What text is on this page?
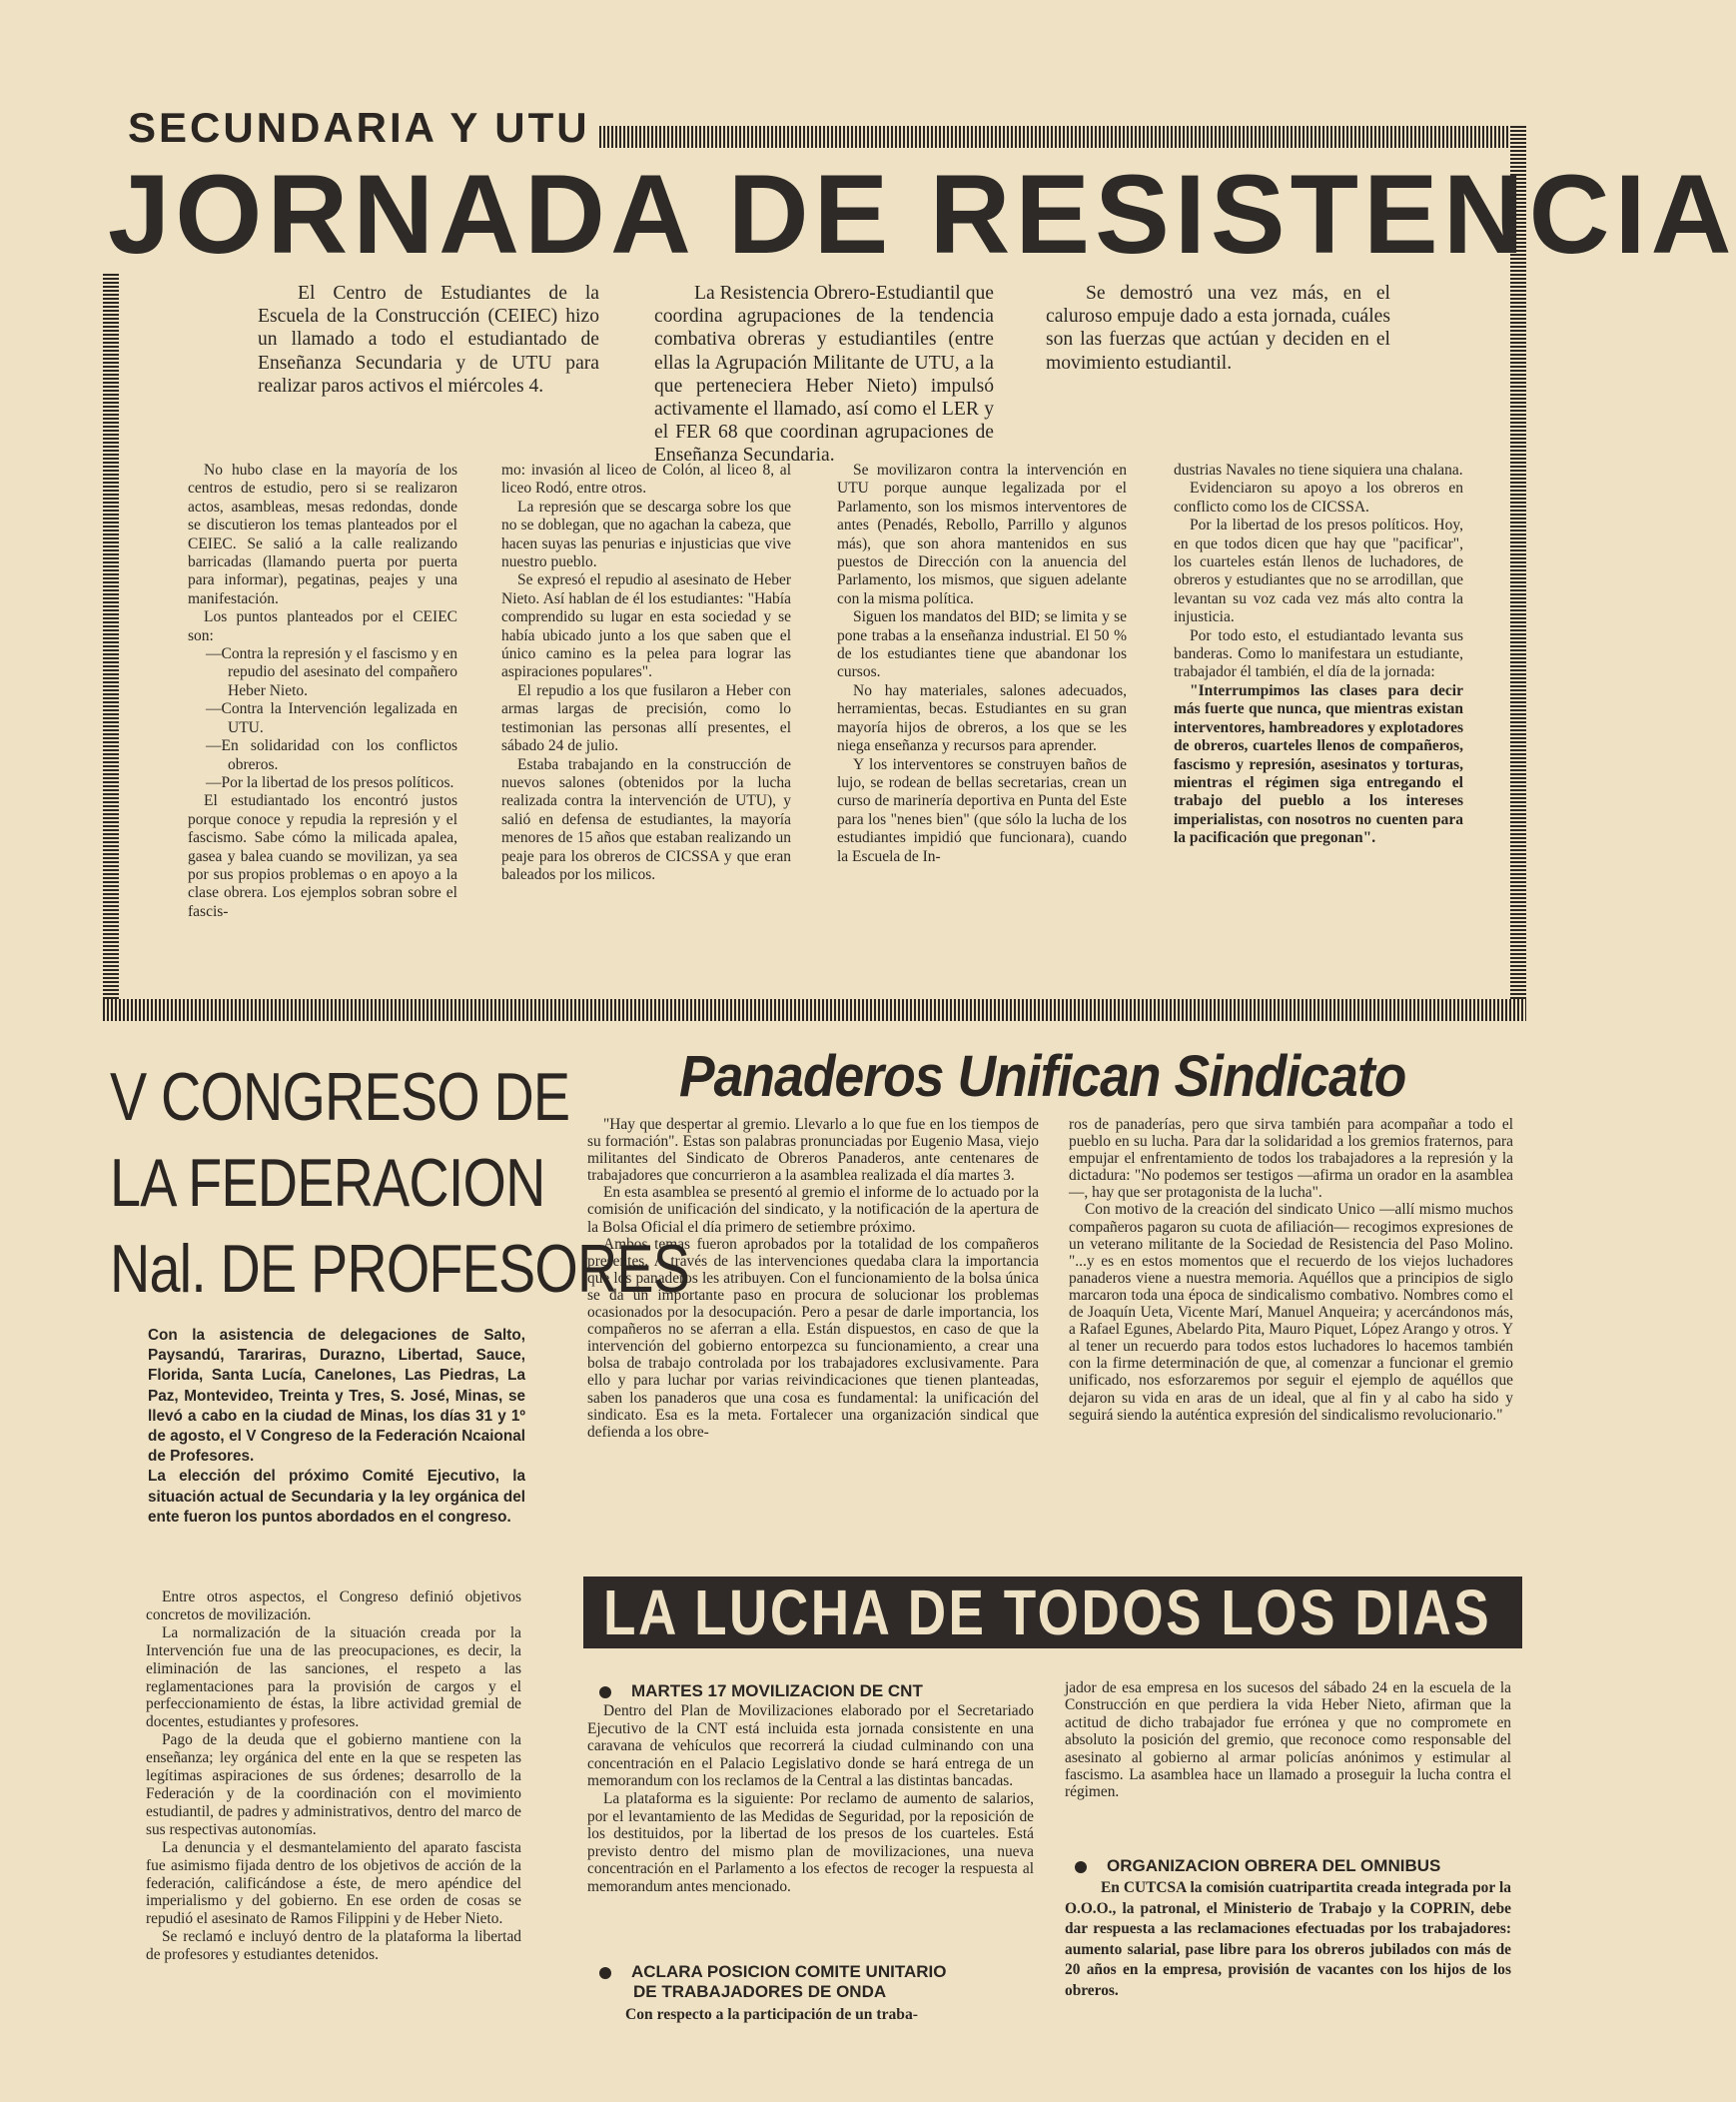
SECUNDARIA Y UTU
JORNADA DE RESISTENCIA

El Centro de Estudiantes de la Escuela de la Construcción (CEIEC) hizo un llamado a todo el estudiantado de Enseñanza Secundaria y de UTU para realizar paros activos el miércoles 4.

La Resistencia Obrero-Estudiantil que coordina agrupaciones de la tendencia combativa obreras y estudiantiles (entre ellas la Agrupación Militante de UTU, a la que perteneciera Heber Nieto) impulsó activamente el llamado, así como el LER y el FER 68 que coordinan agrupaciones de Enseñanza Secundaria.

Se demostró una vez más, en el caluroso empuje dado a esta jornada, cuáles son las fuerzas que actúan y deciden en el movimiento estudiantil.

No hubo clase en la mayoría de los centros de estudio, pero si se realizaron actos, asambleas, mesas redondas, donde se discutieron los temas planteados por el CEIEC. Se salió a la calle realizando barricadas (llamando puerta por puerta para informar), pegatinas, peajes y una manifestación.

Los puntos planteados por el CEIEC son:

—Contra la represión y el fascismo y en repudio del asesinato del compañero Heber Nieto.

—Contra la Intervención legalizada en UTU.

—En solidaridad con los conflictos obreros.

—Por la libertad de los presos políticos.

El estudiantado los encontró justos porque conoce y repudia la represión y el fascismo. Sabe cómo la milicada apalea, gasea y balea cuando se movilizan, ya sea por sus propios problemas o en apoyo a la clase obrera. Los ejemplos sobran sobre el fascis-

mo: invasión al liceo de Colón, al liceo 8, al liceo Rodó, entre otros.

La represión que se descarga sobre los que no se doblegan, que no agachan la cabeza, que hacen suyas las penurias e injusticias que vive nuestro pueblo.

Se expresó el repudio al asesinato de Heber Nieto. Así hablan de él los estudiantes: "Había comprendido su lugar en esta sociedad y se había ubicado junto a los que saben que el único camino es la pelea para lograr las aspiraciones populares".

El repudio a los que fusilaron a Heber con armas largas de precisión, como lo testimonian las personas allí presentes, el sábado 24 de julio.

Estaba trabajando en la construcción de nuevos salones (obtenidos por la lucha realizada contra la intervención de UTU), y salió en defensa de estudiantes, la mayoría menores de 15 años que estaban realizando un peaje para los obreros de CICSSA y que eran baleados por los milicos.

Se movilizaron contra la intervención en UTU porque aunque legalizada por el Parlamento, son los mismos interventores de antes (Penadés, Rebollo, Parrillo y algunos más), que son ahora mantenidos en sus puestos de Dirección con la anuencia del Parlamento, los mismos, que siguen adelante con la misma política.

Siguen los mandatos del BID; se limita y se pone trabas a la enseñanza industrial. El 50 % de los estudiantes tiene que abandonar los cursos.

No hay materiales, salones adecuados, herramientas, becas. Estudiantes en su gran mayoría hijos de obreros, a los que se les niega enseñanza y recursos para aprender.

Y los interventores se construyen baños de lujo, se rodean de bellas secretarias, crean un curso de marinería deportiva en Punta del Este para los "nenes bien" (que sólo la lucha de los estudiantes impidió que funcionara), cuando la Escuela de In-

dustrias Navales no tiene siquiera una chalana.

Evidenciaron su apoyo a los obreros en conflicto como los de CICSSA.

Por la libertad de los presos políticos. Hoy, en que todos dicen que hay que "pacificar", los cuarteles están llenos de luchadores, de obreros y estudiantes que no se arrodillan, que levantan su voz cada vez más alto contra la injusticia.

Por todo esto, el estudiantado levanta sus banderas. Como lo manifestara un estudiante, trabajador él también, el día de la jornada:

"Interrumpimos las clases para decir más fuerte que nunca, que mientras existan interventores, hambreadores y explotadores de obreros, cuarteles llenos de compañeros, fascismo y represión, asesinatos y torturas, mientras el régimen siga entregando el trabajo del pueblo a los intereses imperialistas, con nosotros no cuenten para la pacificación que pregonan".

V CONGRESO DE
LA FEDERACION
Nal. DE PROFESORES

Con la asistencia de delegaciones de Salto, Paysandú, Tarariras, Durazno, Libertad, Sauce, Florida, Santa Lucía, Canelones, Las Piedras, La Paz, Montevideo, Treinta y Tres, S. José, Minas, se llevó a cabo en la ciudad de Minas, los días 31 y 1º de agosto, el V Congreso de la Federación Ncaional de Profesores.

La elección del próximo Comité Ejecutivo, la situación actual de Secundaria y la ley orgánica del ente fueron los puntos abordados en el congreso.

Entre otros aspectos, el Congreso definió objetivos concretos de movilización.

La normalización de la situación creada por la Intervención fue una de las preocupaciones, es decir, la eliminación de las sanciones, el respeto a las reglamentaciones para la provisión de cargos y el perfeccionamiento de éstas, la libre actividad gremial de docentes, estudiantes y profesores.

Pago de la deuda que el gobierno mantiene con la enseñanza; ley orgánica del ente en la que se respeten las legítimas aspiraciones de sus órdenes; desarrollo de la Federación y de la coordinación con el movimiento estudiantil, de padres y administrativos, dentro del marco de sus respectivas autonomías.

La denuncia y el desmantelamiento del aparato fascista fue asimismo fijada dentro de los objetivos de acción de la federación, calificándose a éste, de mero apéndice del imperialismo y del gobierno. En ese orden de cosas se repudió el asesinato de Ramos Filippini y de Heber Nieto.

Se reclamó e incluyó dentro de la plataforma la libertad de profesores y estudiantes detenidos.

Panaderos Unifican Sindicato

"Hay que despertar al gremio. Llevarlo a lo que fue en los tiempos de su formación". Estas son palabras pronunciadas por Eugenio Masa, viejo militantes del Sindicato de Obreros Panaderos, ante centenares de trabajadores que concurrieron a la asamblea realizada el día martes 3.

En esta asamblea se presentó al gremio el informe de lo actuado por la comisión de unificación del sindicato, y la notificación de la apertura de la Bolsa Oficial el día primero de setiembre próximo.

Ambos temas fueron aprobados por la totalidad de los compañeros presentes. A través de las intervenciones quedaba clara la importancia que los panaderos les atribuyen. Con el funcionamiento de la bolsa única se da un importante paso en procura de solucionar los problemas ocasionados por la desocupación. Pero a pesar de darle importancia, los compañeros no se aferran a ella. Están dispuestos, en caso de que la intervención del gobierno entorpezca su funcionamiento, a crear una bolsa de trabajo controlada por los trabajadores exclusivamente. Para ello y para luchar por varias reivindicaciones que tienen planteadas, saben los panaderos que una cosa es fundamental: la unificación del sindicato. Esa es la meta. Fortalecer una organización sindical que defienda a los obre-

ros de panaderías, pero que sirva también para acompañar a todo el pueblo en su lucha. Para dar la solidaridad a los gremios fraternos, para empujar el enfrentamiento de todos los trabajadores a la represión y la dictadura: "No podemos ser testigos —afirma un orador en la asamblea—, hay que ser protagonista de la lucha".

Con motivo de la creación del sindicato Unico —allí mismo muchos compañeros pagaron su cuota de afiliación— recogimos expresiones de un veterano militante de la Sociedad de Resistencia del Paso Molino. "...y es en estos momentos que el recuerdo de los viejos luchadores panaderos viene a nuestra memoria. Aquéllos que a principios de siglo marcaron toda una época de sindicalismo combativo. Nombres como el de Joaquín Ueta, Vicente Marí, Manuel Anqueira; y acercándonos más, a Rafael Egunes, Abelardo Pita, Mauro Piquet, López Arango y otros. Y al tener un recuerdo para todos estos luchadores lo hacemos también con la firme determinación de que, al comenzar a funcionar el gremio unificado, nos esforzaremos por seguir el ejemplo de aquéllos que dejaron su vida en aras de un ideal, que al fin y al cabo ha sido y seguirá siendo la auténtica expresión del sindicalismo revolucionario."

LA LUCHA DE TODOS LOS DIAS
MARTES 17 MOVILIZACION DE CNT

Dentro del Plan de Movilizaciones elaborado por el Secretariado Ejecutivo de la CNT está incluida esta jornada consistente en una caravana de vehículos que recorrerá la ciudad culminando con una concentración en el Palacio Legislativo donde se hará entrega de un memorandum con los reclamos de la Central a las distintas bancadas.

La plataforma es la siguiente: Por reclamo de aumento de salarios, por el levantamiento de las Medidas de Seguridad, por la reposición de los destituidos, por la libertad de los presos de los cuarteles. Está previsto dentro del mismo plan de movilizaciones, una nueva concentración en el Parlamento a los efectos de recoger la respuesta al memorandum antes mencionado.

ACLARA POSICION COMITE UNITARIO
DE TRABAJADORES DE ONDA

Con respecto a la participación de un traba-

jador de esa empresa en los sucesos del sábado 24 en la escuela de la Construcción en que perdiera la vida Heber Nieto, afirman que la actitud de dicho trabajador fue errónea y que no compromete en absoluto la posición del gremio, que reconoce como responsable del asesinato al gobierno al armar policías anónimos y estimular al fascismo. La asamblea hace un llamado a proseguir la lucha contra el régimen.

ORGANIZACION OBRERA DEL OMNIBUS

En CUTCSA la comisión cuatripartita creada integrada por la O.O.O., la patronal, el Ministerio de Trabajo y la COPRIN, debe dar respuesta a las reclamaciones efectuadas por los trabajadores: aumento salarial, pase libre para los obreros jubilados con más de 20 años en la empresa, provisión de vacantes con los hijos de los obreros.
